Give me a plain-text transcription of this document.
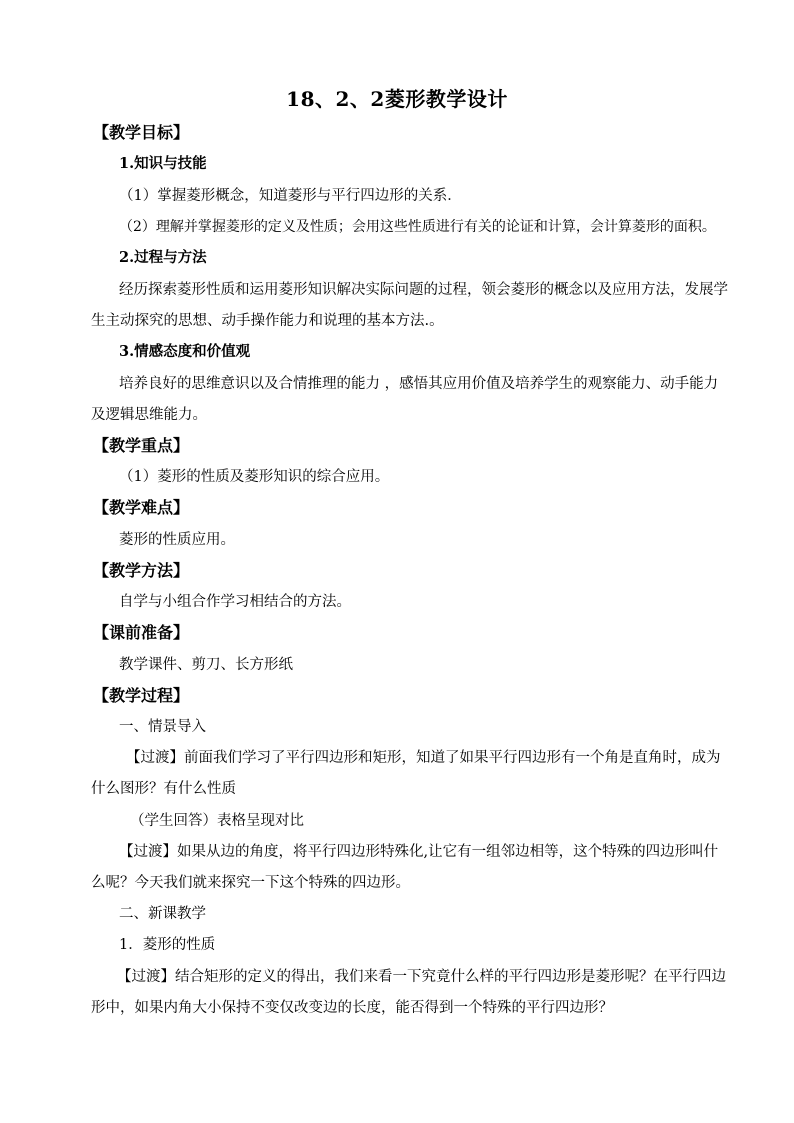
18、2、2菱形教学设计
【教学目标】
1.知识与技能
（1）掌握菱形概念，知道菱形与平行四边形的关系．
（2）理解并掌握菱形的定义及性质；会用这些性质进行有关的论证和计算，会计算菱形的面积。
2.过程与方法
经历探索菱形性质和运用菱形知识解决实际问题的过程，领会菱形的概念以及应用方法，发展学
生主动探究的思想、动手操作能力和说理的基本方法.。
3.情感态度和价值观
培养良好的思维意识以及合情推理的能力 ，感悟其应用价值及培养学生的观察能力、动手能力
及逻辑思维能力。
【教学重点】
（1）菱形的性质及菱形知识的综合应用。
【教学难点】
菱形的性质应用。
【教学方法】
自学与小组合作学习相结合的方法。
【课前准备】
教学课件、剪刀、长方形纸
【教学过程】
一、情景导入
【过渡】前面我们学习了平行四边形和矩形，知道了如果平行四边形有一个角是直角时，成为
什么图形？有什么性质
（学生回答）表格呈现对比
【过渡】如果从边的角度，将平行四边形特殊化,让它有一组邻边相等，这个特殊的四边形叫什
么呢？今天我们就来探究一下这个特殊的四边形。
二、新课教学
1．菱形的性质
【过渡】结合矩形的定义的得出，我们来看一下究竟什么样的平行四边形是菱形呢？在平行四边
形中，如果内角大小保持不变仅改变边的长度，能否得到一个特殊的平行四边形？
